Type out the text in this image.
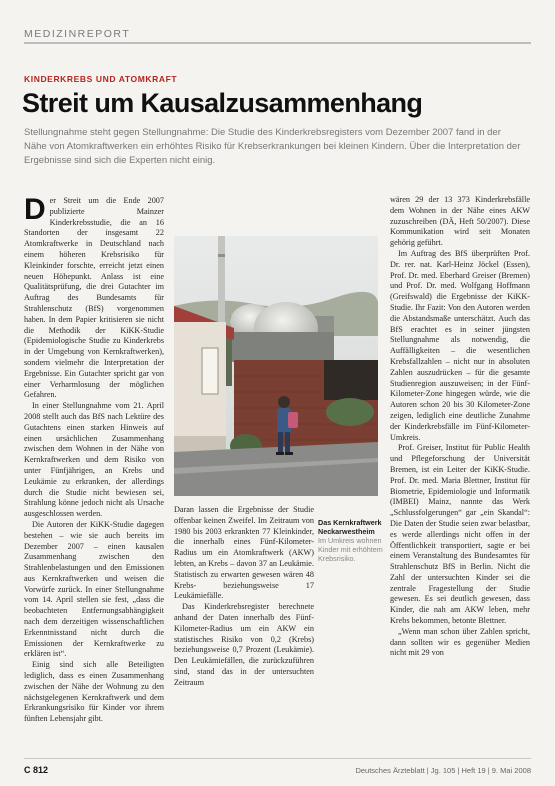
MEDIZINREPORT
KINDERKREBS UND ATOMKRAFT
Streit um Kausalzusammenhang
Stellungnahme steht gegen Stellungnahme: Die Studie des Kinderkrebsregisters vom Dezember 2007 fand in der Nähe von Atomkraftwerken ein erhöhtes Risiko für Krebserkrankungen bei kleinen Kindern. Über die Interpretation der Ergebnisse sind sich die Experten nicht einig.

Der Streit um die Ende 2007 publizierte Mainzer Kinderkrebsstudie, die an 16 Standorten der insgesamt 22 Atomkraftwerke in Deutschland nach einem höheren Krebsrisiko für Kleinkinder forschte, erreicht jetzt einen neuen Höhepunkt. Anlass ist eine Qualitätsprüfung, die drei Gutachter im Auftrag des Bundesamts für Strahlenschutz (BfS) vorgenommen haben. In dem Papier kritisieren sie nicht die Methodik der KiKK-Studie (Epidemiologische Studie zu Kinderkrebs in der Umgebung von Kernkraftwerken), sondern vielmehr die Interpretation der Ergebnisse. Ein Gutachter spricht gar von einer Verharmlosung der möglichen Gefahren.

In einer Stellungnahme vom 21. April 2008 stellt auch das BfS nach Lektüre des Gutachtens einen starken Hinweis auf einen ursächlichen Zusammenhang zwischen dem Wohnen in der Nähe von Kernkraftwerken und dem Risiko von unter Fünfjährigen, an Krebs und Leukämie zu erkranken, der allerdings durch die Studie nicht bewiesen sei, Strahlung könne jedoch nicht als Ursache ausgeschlossen werden.

Die Autoren der KiKK-Studie dagegen bestehen – wie sie auch bereits im Dezember 2007 – einen kausalen Zusammenhang zwischen den Strahlenbelastungen und den Emissionen aus Kernkraftwerken und weisen die Vorwürfe zurück. In einer Stellungnahme vom 14. April stellen sie fest, „dass die beobachteten Entfernungsabhängigkeit nach dem derzeitigen wissenschaftlichen Erkenntnisstand nicht durch die Emissionen der Kernkraftwerke zu erklären ist“.

Einig sind sich alle Beteiligten lediglich, dass es einen Zusammenhang zwischen der Nähe der Wohnung zu den nächstgelegenen Kernkraftwerk und dem Erkrankungsrisiko für Kinder vor ihrem fünften Lebensjahr gibt.

Daran lassen die Ergebnisse der Studie offenbar keinen Zweifel. Im Zeitraum von 1980 bis 2003 erkrankten 77 Kleinkinder, die innerhalb eines Fünf-Kilometer-Radius um ein Atomkraftwerk (AKW) lebten, an Krebs – davon 37 an Leukämie. Statistisch zu erwarten gewesen wären 48 Krebs- beziehungsweise 17 Leukämiefälle.

Das Kinderkrebsregister berechnete anhand der Daten innerhalb des Fünf-Kilometer-Radius um ein AKW ein statistisches Risiko von 0,2 (Krebs) beziehungsweise 0,7 Prozent (Leukämie). Den Leukämiefällen, die zurückzuführen sind, stand das in der untersuchten Zeitraum

Das Kernkraftwerk Neckarwestheim Im Umkreis wohnen Kinder mit erhöhtem Krebsrisiko.

wären 29 der 13 373 Kinderkrebsfälle dem Wohnen in der Nähe eines AKW zuzuschreiben (DÄ, Heft 50/2007). Diese Kommunikation wird seit Monaten gehörig geführt.

Im Auftrag des BfS überprüften Prof. Dr. rer. nat. Karl-Heinz Jöckel (Essen), Prof. Dr. med. Eberhard Greiser (Bremen) und Prof. Dr. med. Wolfgang Hoffmann (Greifswald) die Ergebnisse der KiKK-Studie. Ihr Fazit: Von den Autoren werden die Abstandsmaße unterschätzt. Auch das BfS erachtet es in seiner jüngsten Stellungnahme als notwendig, die Auffälligkeiten – die wesentlichen Krebsfallzahlen – nicht nur in absoluten Zahlen auszudrücken – für die gesamte Studienregion auszuweisen; in der Fünf-Kilometer-Zone hingegen würde, wie die Autoren schon 20 bis 30 Kilometer-Zone zeigen, lediglich eine deutliche Zunahme der Kinderkrebsfälle im Fünf-Kilometer-Umkreis.

Prof. Greiser, Institut für Public Health und Pflegeforschung der Universität Bremen, ist ein Leiter der KiKK-Studie. Prof. Dr. med. Maria Blettner, Institut für Biometrie, Epidemiologie und Informatik (IMBEI) Mainz, nannte das Werk „Schlussfolgerungen“ gar „ein Skandal“: Die Daten der Studie seien zwar belastbar, es werde allerdings nicht offen in der Öffentlichkeit transportiert, sagte er bei einem Veranstaltung des Bundesamtes für Strahlenschutz BfS in Berlin. Nicht die Zahl der untersuchten Kinder sei die zentrale Fragestellung der Studie gewesen. Es sei deutlich gewesen, dass Kinder, die nah am AKW leben, mehr Krebs bekommen, betonte Blettner.

„Wenn man schon über Zahlen spricht, dann sollten wir es gegenüber Medien nicht mit 29 von

C 812	Deutsches Ärzteblatt | Jg. 105 | Heft 19 | 9. Mai 2008
